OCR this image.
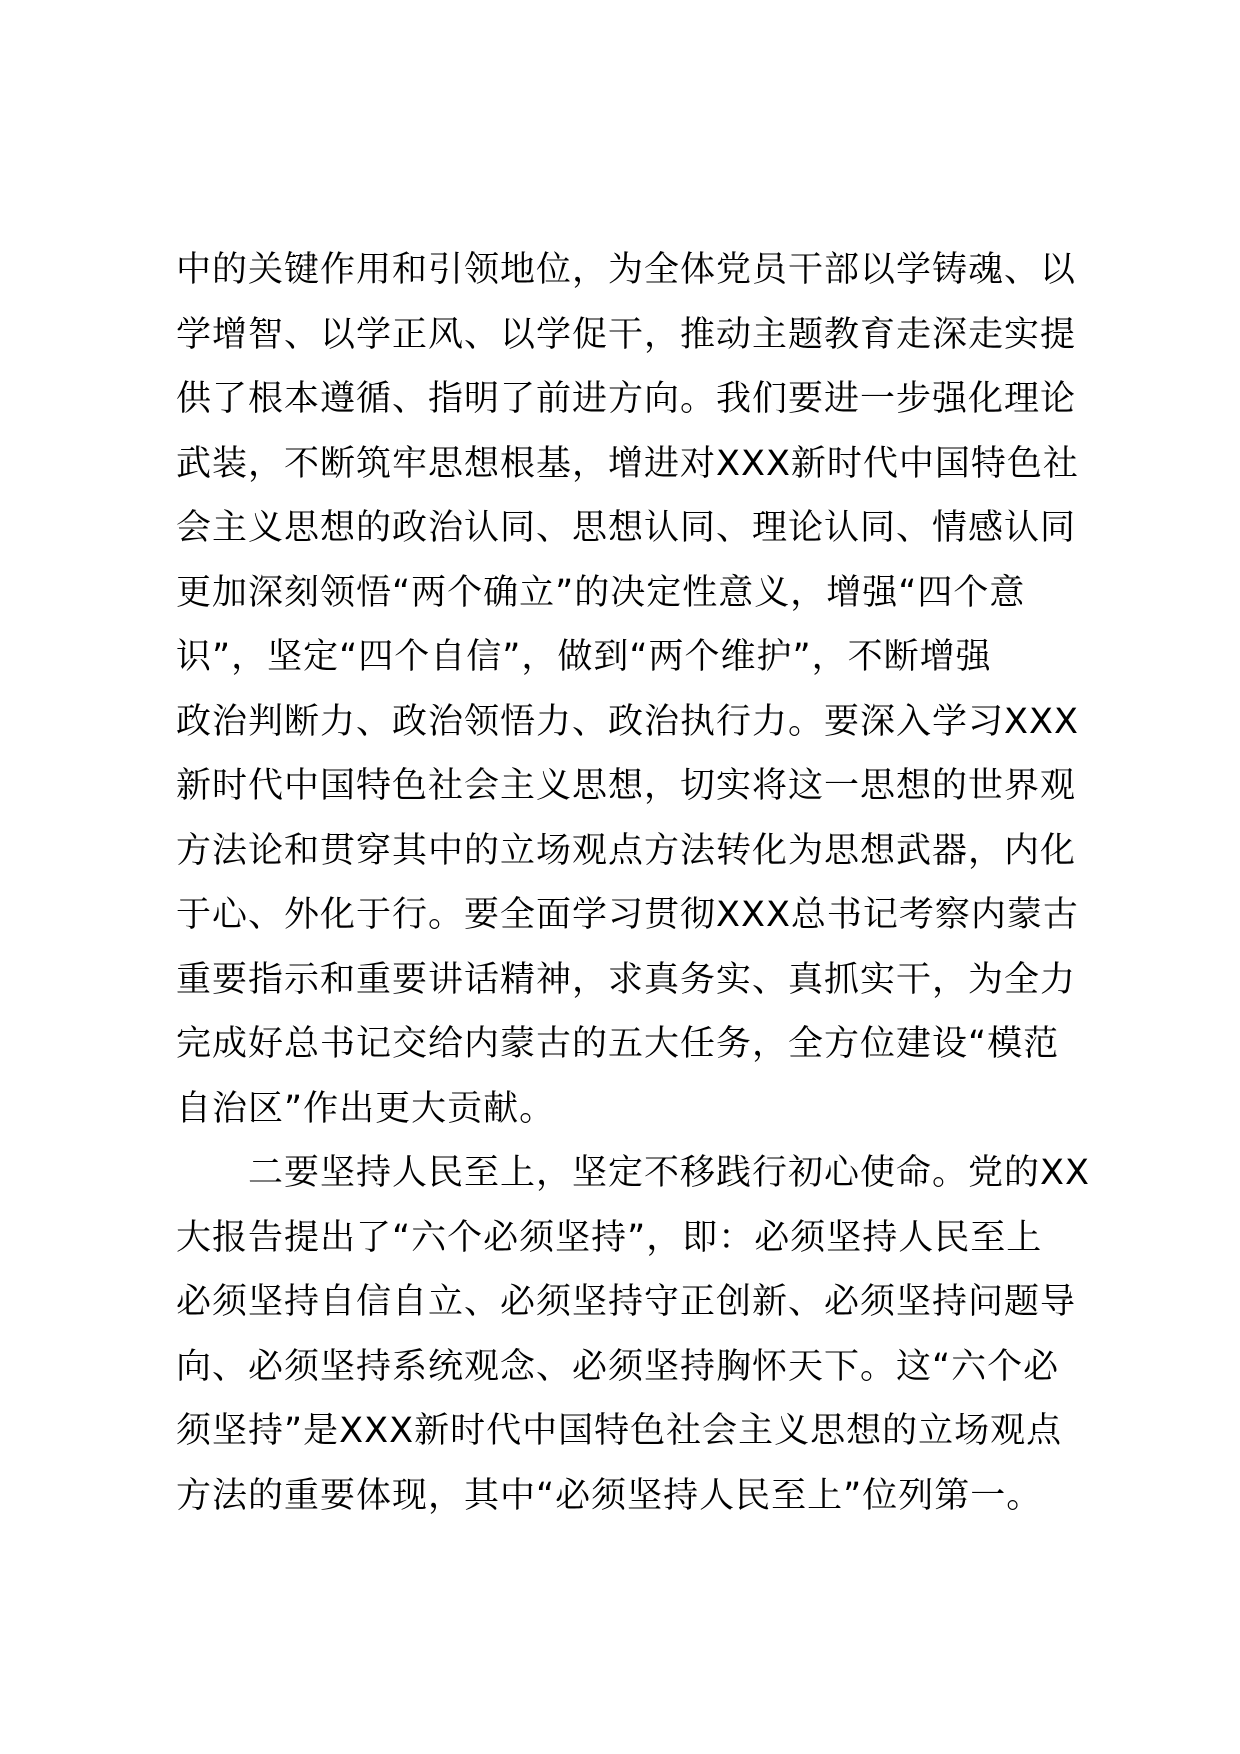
中的关键作用和引领地位，为全体党员干部以学铸魂、以
学增智、以学正风、以学促干，推动主题教育走深走实提
供了根本遵循、指明了前进方向。我们要进一步强化理论
武装，不断筑牢思想根基，增进对XXX新时代中国特色社
会主义思想的政治认同、思想认同、理论认同、情感认同
更加深刻领悟“两个确立”的决定性意义，增强“四个意
识”，坚定“四个自信”，做到“两个维护”，不断增强
政治判断力、政治领悟力、政治执行力。要深入学习XXX
新时代中国特色社会主义思想，切实将这一思想的世界观
方法论和贯穿其中的立场观点方法转化为思想武器，内化
于心、外化于行。要全面学习贯彻XXX总书记考察内蒙古
重要指示和重要讲话精神，求真务实、真抓实干，为全力
完成好总书记交给内蒙古的五大任务，全方位建设“模范
自治区”作出更大贡献。
　　二要坚持人民至上，坚定不移践行初心使命。党的XX
大报告提出了“六个必须坚持”，即：必须坚持人民至上
必须坚持自信自立、必须坚持守正创新、必须坚持问题导
向、必须坚持系统观念、必须坚持胸怀天下。这“六个必
须坚持”是XXX新时代中国特色社会主义思想的立场观点
方法的重要体现，其中“必须坚持人民至上”位列第一。
